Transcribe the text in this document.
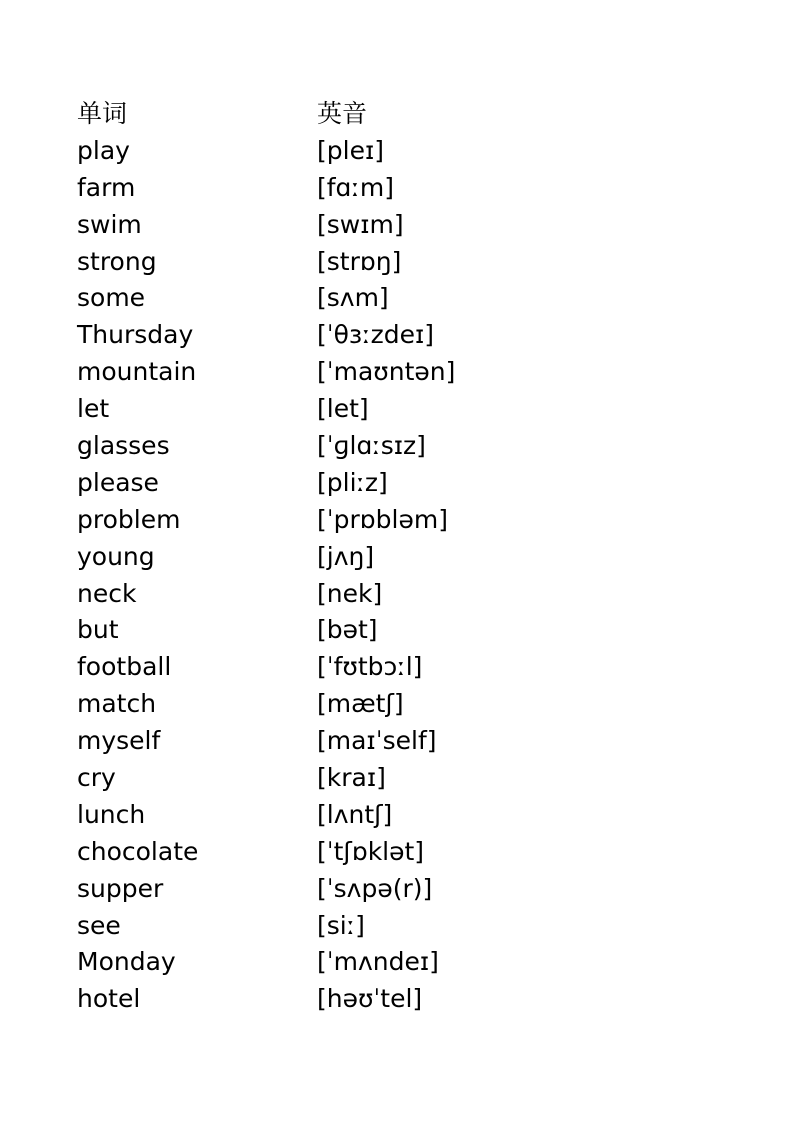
单词	英音
play	[pleɪ]
farm	[fɑːm]
swim	[swɪm]
strong	[strɒŋ]
some	[sʌm]
Thursday	[ˈθɜːzdeɪ]
mountain	[ˈmaʊntən]
let	[let]
glasses	[ˈɡlɑːsɪz]
please	[pliːz]
problem	[ˈprɒbləm]
young	[jʌŋ]
neck	[nek]
but	[bət]
football	[ˈfʊtbɔːl]
match	[mætʃ]
myself	[maɪˈself]
cry	[kraɪ]
lunch	[lʌntʃ]
chocolate	[ˈtʃɒklət]
supper	[ˈsʌpə(r)]
see	[siː]
Monday	[ˈmʌndeɪ]
hotel	[həʊˈtel]
